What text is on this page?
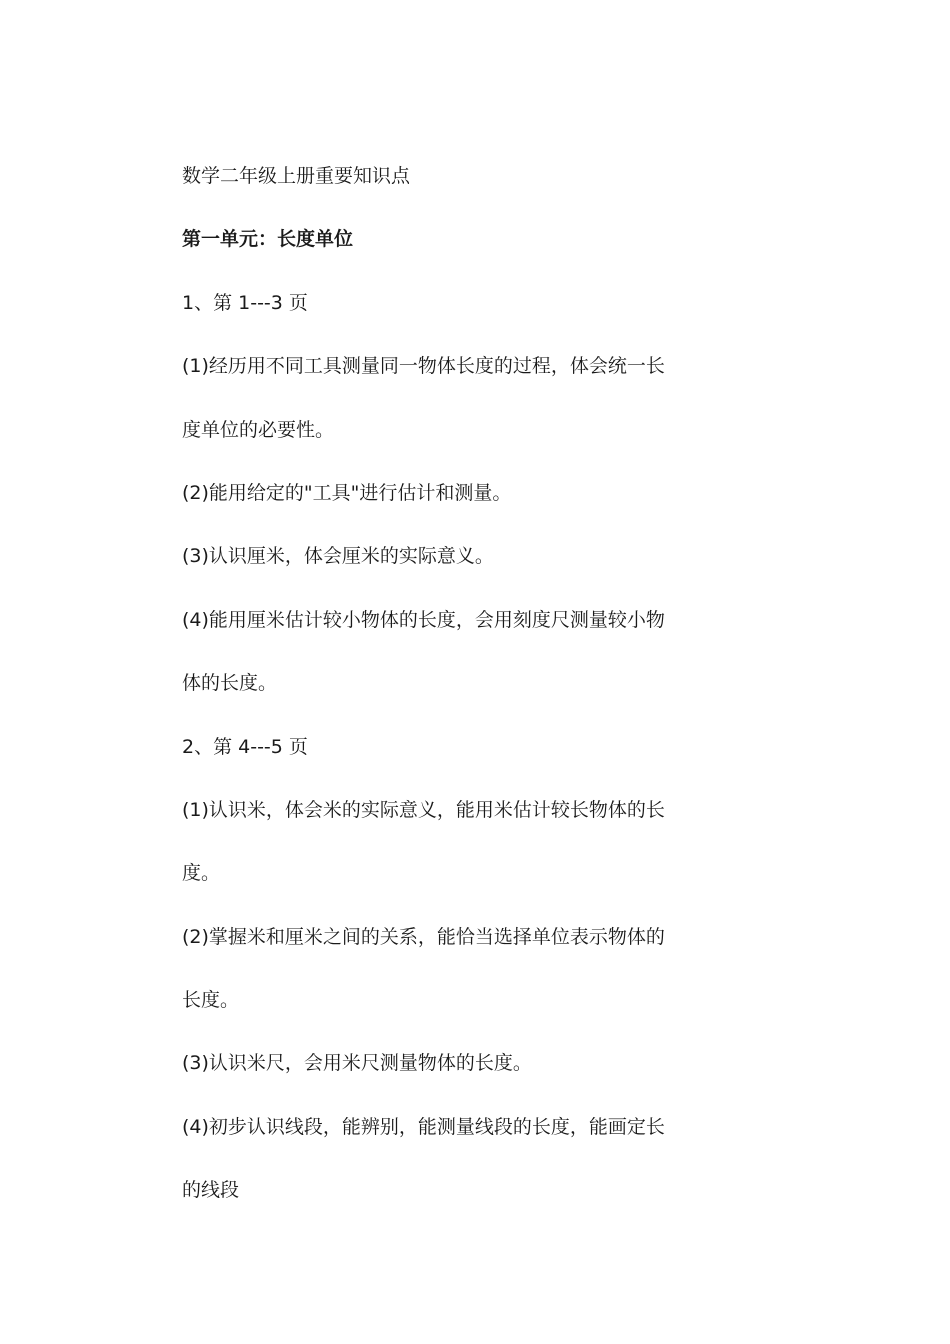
数学二年级上册重要知识点
第一单元：长度单位
1、第 1---3 页
(1)经历用不同工具测量同一物体长度的过程，体会统一长
度单位的必要性。
(2)能用给定的"工具"进行估计和测量。
(3)认识厘米，体会厘米的实际意义。
(4)能用厘米估计较小物体的长度，会用刻度尺测量较小物
体的长度。
2、第 4---5 页
(1)认识米，体会米的实际意义，能用米估计较长物体的长
度。
(2)掌握米和厘米之间的关系，能恰当选择单位表示物体的
长度。
(3)认识米尺，会用米尺测量物体的长度。
(4)初步认识线段，能辨别，能测量线段的长度，能画定长
的线段
